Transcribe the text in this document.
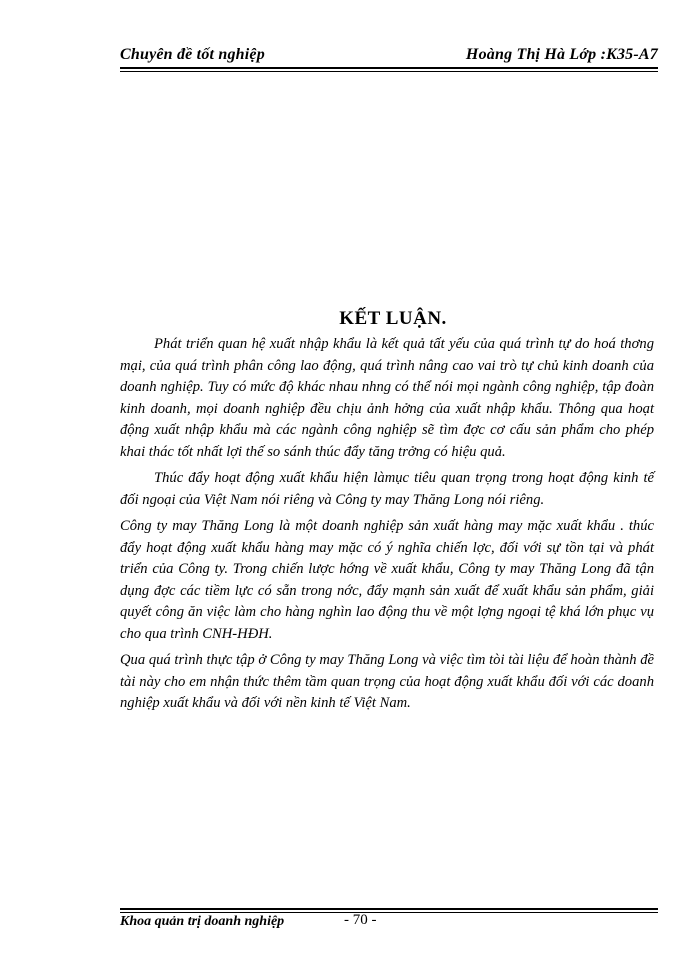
Chuyên đề tốt nghiệp	Hoàng Thị Hà Lớp :K35-A7
KẾT LUẬN.

Phát triển quan hệ xuất nhập khẩu là kết quả tất yếu của quá trình tự do hoá thơng mại, của quá trình phân công lao động, quá trình nâng cao vai trò tự chủ kinh doanh của doanh nghiệp. Tuy có mức độ khác nhau nhng có thể nói mọi ngành công nghiệp, tập đoàn kinh doanh, mọi doanh nghiệp đều chịu ảnh hởng của xuất nhập khẩu. Thông qua hoạt động xuất nhập khẩu mà các ngành công nghiệp sẽ tìm đợc cơ cấu sản phẩm cho phép khai thác tốt nhất lợi thế so sánh thúc đẩy tăng trởng có hiệu quả.

Thúc đẩy hoạt động xuất khẩu hiện làmục tiêu quan trọng trong hoạt động kinh tế đối ngoại của Việt Nam nói riêng và Công ty may Thăng Long nói riêng.

Công ty may Thăng Long là một doanh nghiệp sản xuất hàng may mặc xuất khẩu . thúc đẩy hoạt động xuất khẩu hàng may mặc có ý nghĩa chiến lợc, đối với sự tồn tại và phát triển của Công ty. Trong chiến lược hớng về xuất khẩu, Công ty may Thăng Long đã tận dụng đợc các tiềm lực có sẵn trong nớc, đẩy mạnh sản xuất để xuất khẩu sản phẩm, giải quyết công ăn việc làm cho hàng nghìn lao động thu về một lợng ngoại tệ khá lớn phục vụ cho qua trình CNH-HĐH.

Qua quá trình thực tập ở Công ty may Thăng Long và việc tìm tòi tài liệu để hoàn thành đề tài này cho em nhận thức thêm tầm quan trọng của hoạt động xuất khẩu đối với các doanh nghiệp xuất khẩu và đối với nền kinh tế Việt Nam.

Khoa quản trị doanh nghiệp	- 70 -
